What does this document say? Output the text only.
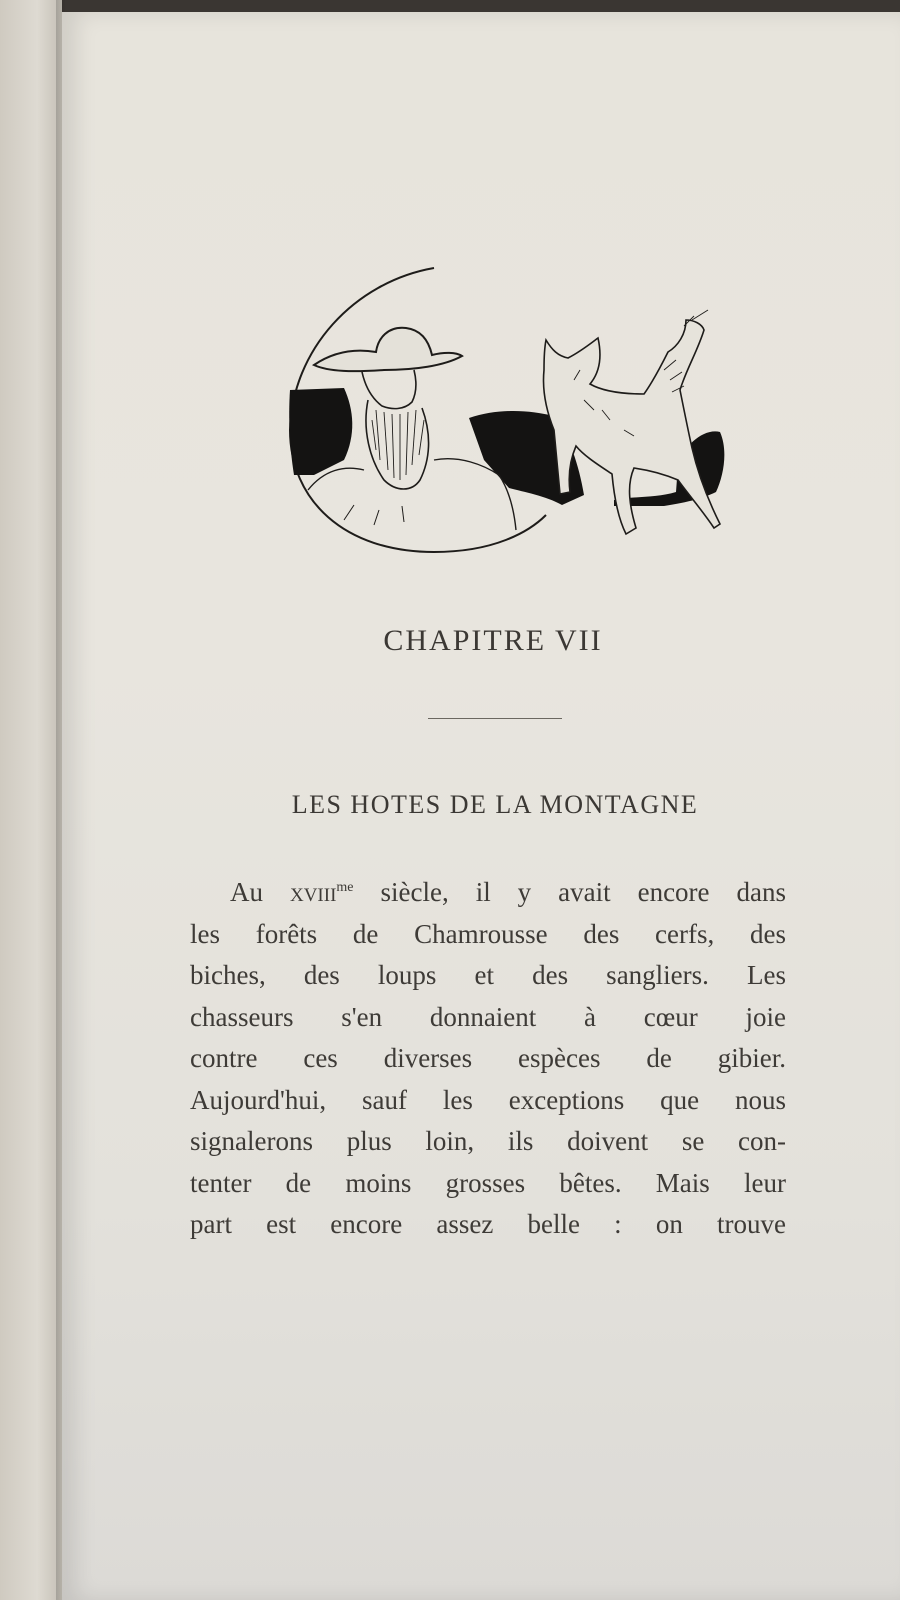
CHAPITRE VII
LES HOTES DE LA MONTAGNE
Au xviii$^{me}$ siècle, il y avait encore dans
les forêts de Chamrousse des cerfs, des
biches, des loups et des sangliers. Les
chasseurs s'en donnaient à cœur joie
contre ces diverses espèces de gibier.
Aujourd'hui, sauf les exceptions que nous
signalerons plus loin, ils doivent se con-
tenter de moins grosses bêtes. Mais leur
part est encore assez belle : on trouve
